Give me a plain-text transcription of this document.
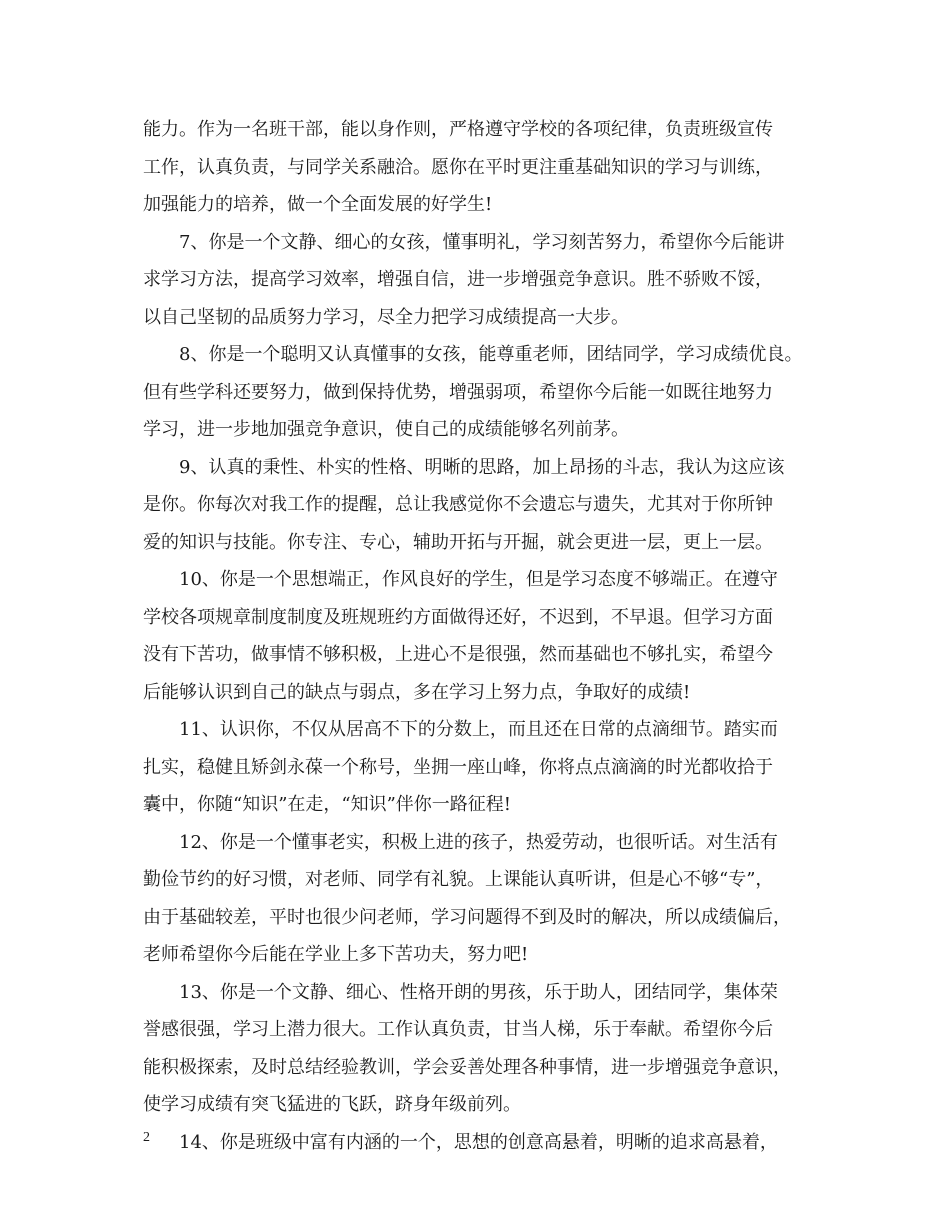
能力。作为一名班干部，能以身作则，严格遵守学校的各项纪律，负责班级宣传
工作，认真负责，与同学关系融洽。愿你在平时更注重基础知识的学习与训练，
加强能力的培养，做一个全面发展的好学生!
7、你是一个文静、细心的女孩，懂事明礼，学习刻苦努力，希望你今后能讲
求学习方法，提高学习效率，增强自信，进一步增强竞争意识。胜不骄败不馁，
以自己坚韧的品质努力学习，尽全力把学习成绩提高一大步。
8、你是一个聪明又认真懂事的女孩，能尊重老师，团结同学，学习成绩优良。
但有些学科还要努力，做到保持优势，增强弱项，希望你今后能一如既往地努力
学习，进一步地加强竞争意识，使自己的成绩能够名列前茅。
9、认真的秉性、朴实的性格、明晰的思路，加上昂扬的斗志，我认为这应该
是你。你每次对我工作的提醒，总让我感觉你不会遗忘与遗失，尤其对于你所钟
爱的知识与技能。你专注、专心，辅助开拓与开掘，就会更进一层，更上一层。
10、你是一个思想端正，作风良好的学生，但是学习态度不够端正。在遵守
学校各项规章制度制度及班规班约方面做得还好，不迟到，不早退。但学习方面
没有下苦功，做事情不够积极，上进心不是很强，然而基础也不够扎实，希望今
后能够认识到自己的缺点与弱点，多在学习上努力点，争取好的成绩!
11、认识你，不仅从居高不下的分数上，而且还在日常的点滴细节。踏实而
扎实，稳健且矫剑永葆一个称号，坐拥一座山峰，你将点点滴滴的时光都收拾于
囊中，你随“知识”在走，“知识”伴你一路征程!
12、你是一个懂事老实，积极上进的孩子，热爱劳动，也很听话。对生活有
勤俭节约的好习惯，对老师、同学有礼貌。上课能认真听讲，但是心不够“专”，
由于基础较差，平时也很少问老师，学习问题得不到及时的解决，所以成绩偏后，
老师希望你今后能在学业上多下苦功夫，努力吧!
13、你是一个文静、细心、性格开朗的男孩，乐于助人，团结同学，集体荣
誉感很强，学习上潜力很大。工作认真负责，甘当人梯，乐于奉献。希望你今后
能积极探索，及时总结经验教训，学会妥善处理各种事情，进一步增强竞争意识，
使学习成绩有突飞猛进的飞跃，跻身年级前列。
14、你是班级中富有内涵的一个，思想的创意高悬着，明晰的追求高悬着，
2
